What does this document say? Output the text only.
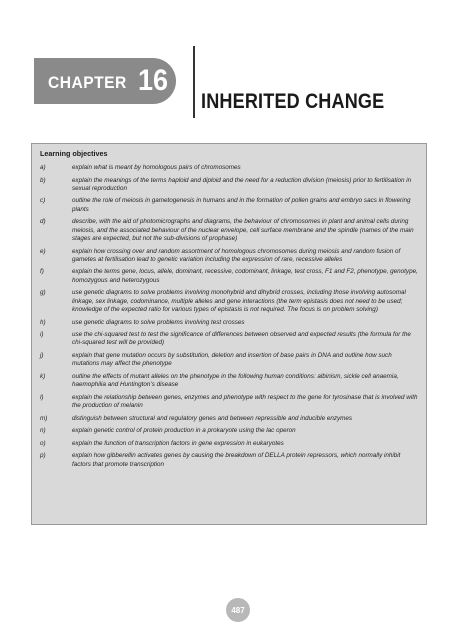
CHAPTER 16
INHERITED CHANGE
Learning objectives
a)	explain what is meant by homologous pairs of chromosomes
b)	explain the meanings of the terms haploid and diploid and the need for a reduction division (meiosis) prior to fertilisation in sexual reproduction
c)	outline the role of meiosis in gametogenesis in humans and in the formation of pollen grains and embryo sacs in flowering plants
d)	describe, with the aid of photomicrographs and diagrams, the behaviour of chromosomes in plant and animal cells during meiosis, and the associated behaviour of the nuclear envelope, cell surface membrane and the spindle (names of the main stages are expected, but not the sub-divisions of prophase)
e)	explain how crossing over and random assortment of homologous chromosomes during meiosis and random fusion of gametes at fertilisation lead to genetic variation including the expression of rare, recessive alleles
f)	explain the terms gene, locus, allele, dominant, recessive, codominant, linkage, test cross, F1 and F2, phenotype, genotype, homozygous and heterozygous
g)	use genetic diagrams to solve problems involving monohybrid and dihybrid crosses, including those involving autosomal linkage, sex linkage, codominance, multiple alleles and gene interactions (the term epistasis does not need to be used; knowledge of the expected ratio for various types of epistasis is not required. The focus is on problem solving)
h)	use genetic diagrams to solve problems involving test crosses
i)	use the chi-squared test to test the significance of differences between observed and expected results (the formula for the chi-squared test will be provided)
j)	explain that gene mutation occurs by substitution, deletion and insertion of base pairs in DNA and outline how such mutations may affect the phenotype
k)	outline the effects of mutant alleles on the phenotype in the following human conditions: albinism, sickle cell anaemia, haemophilia and Huntington’s disease
l)	explain the relationship between genes, enzymes and phenotype with respect to the gene for tyrosinase that is involved with the production of melanin
m)	distinguish between structural and regulatory genes and between repressible and inducible enzymes
n)	explain genetic control of protein production in a prokaryote using the lac operon
o)	explain the function of transcription factors in gene expression in eukaryotes
p)	explain how gibberellin activates genes by causing the breakdown of DELLA protein repressors, which normally inhibit factors that promote transcription
487
